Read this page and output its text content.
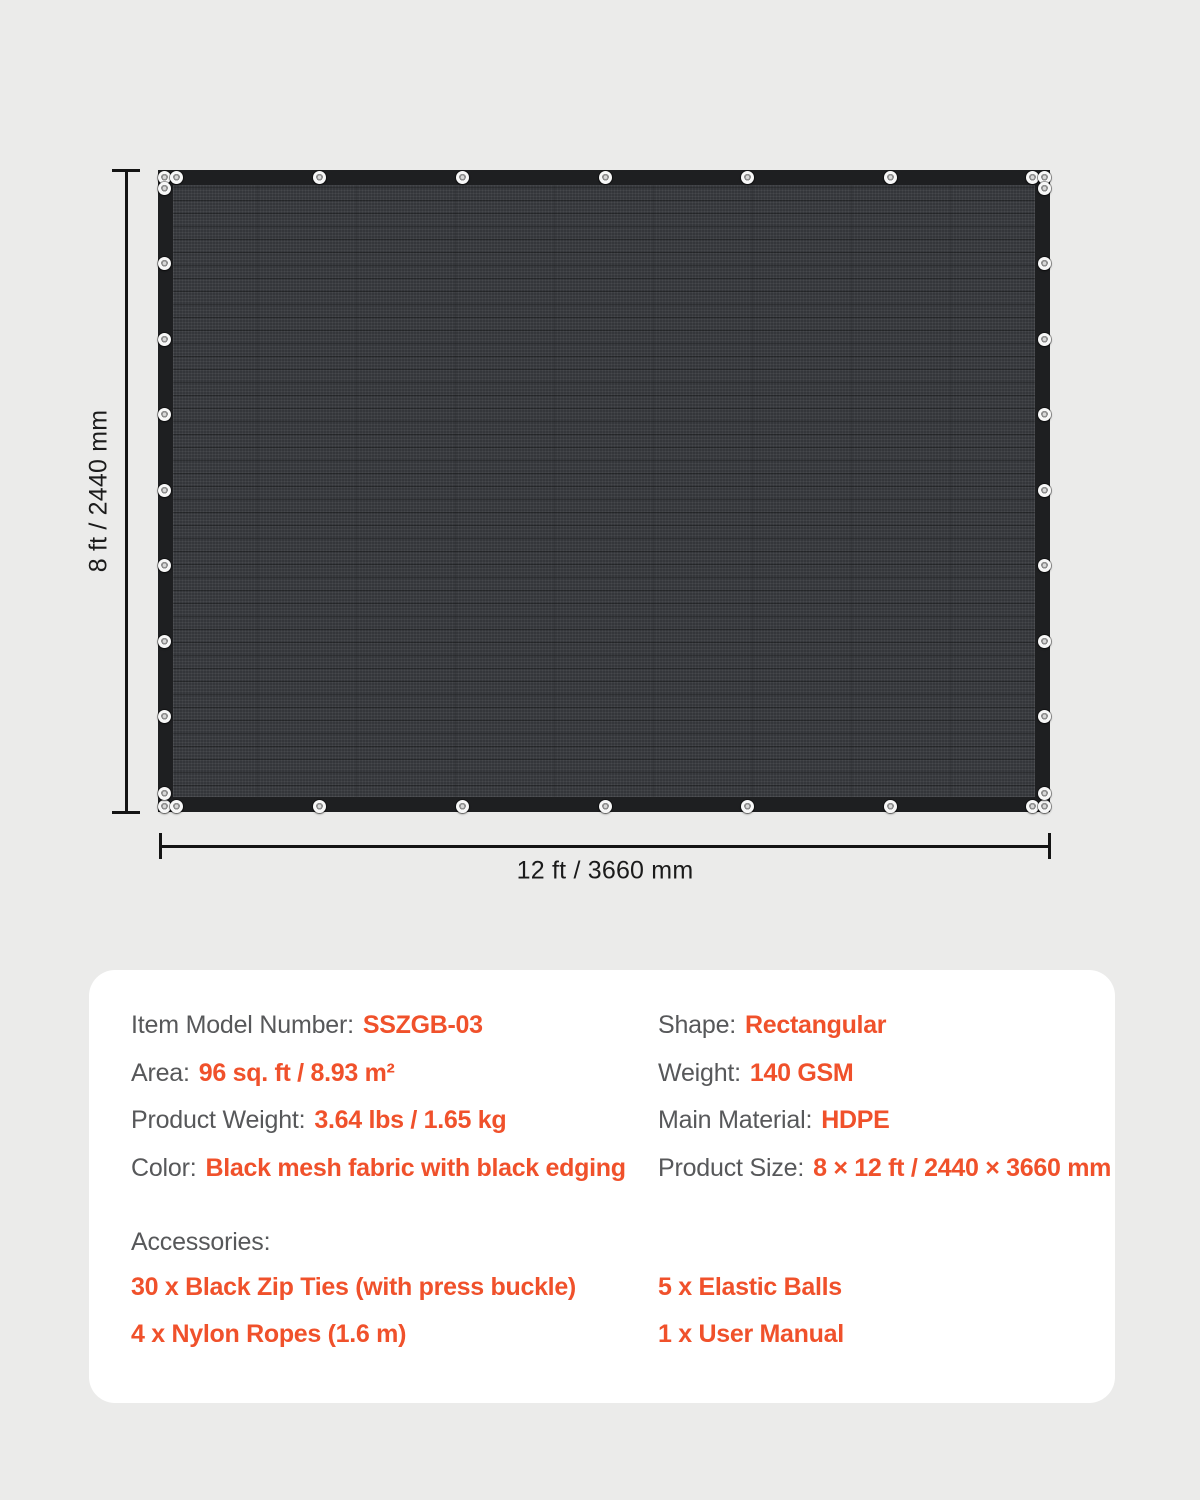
8 ft / 2440 mm
12 ft / 3660 mm
Item Model Number: SSZGB-03
Area: 96 sq. ft / 8.93 m²
Product Weight: 3.64 lbs / 1.65 kg
Color: Black mesh fabric with black edging
Shape: Rectangular
Weight: 140 GSM
Main Material: HDPE
Product Size: 8 × 12 ft / 2440 × 3660 mm
Accessories:
30 x Black Zip Ties (with press buckle)	5 x Elastic Balls
4 x Nylon Ropes (1.6 m)	1 x User Manual
